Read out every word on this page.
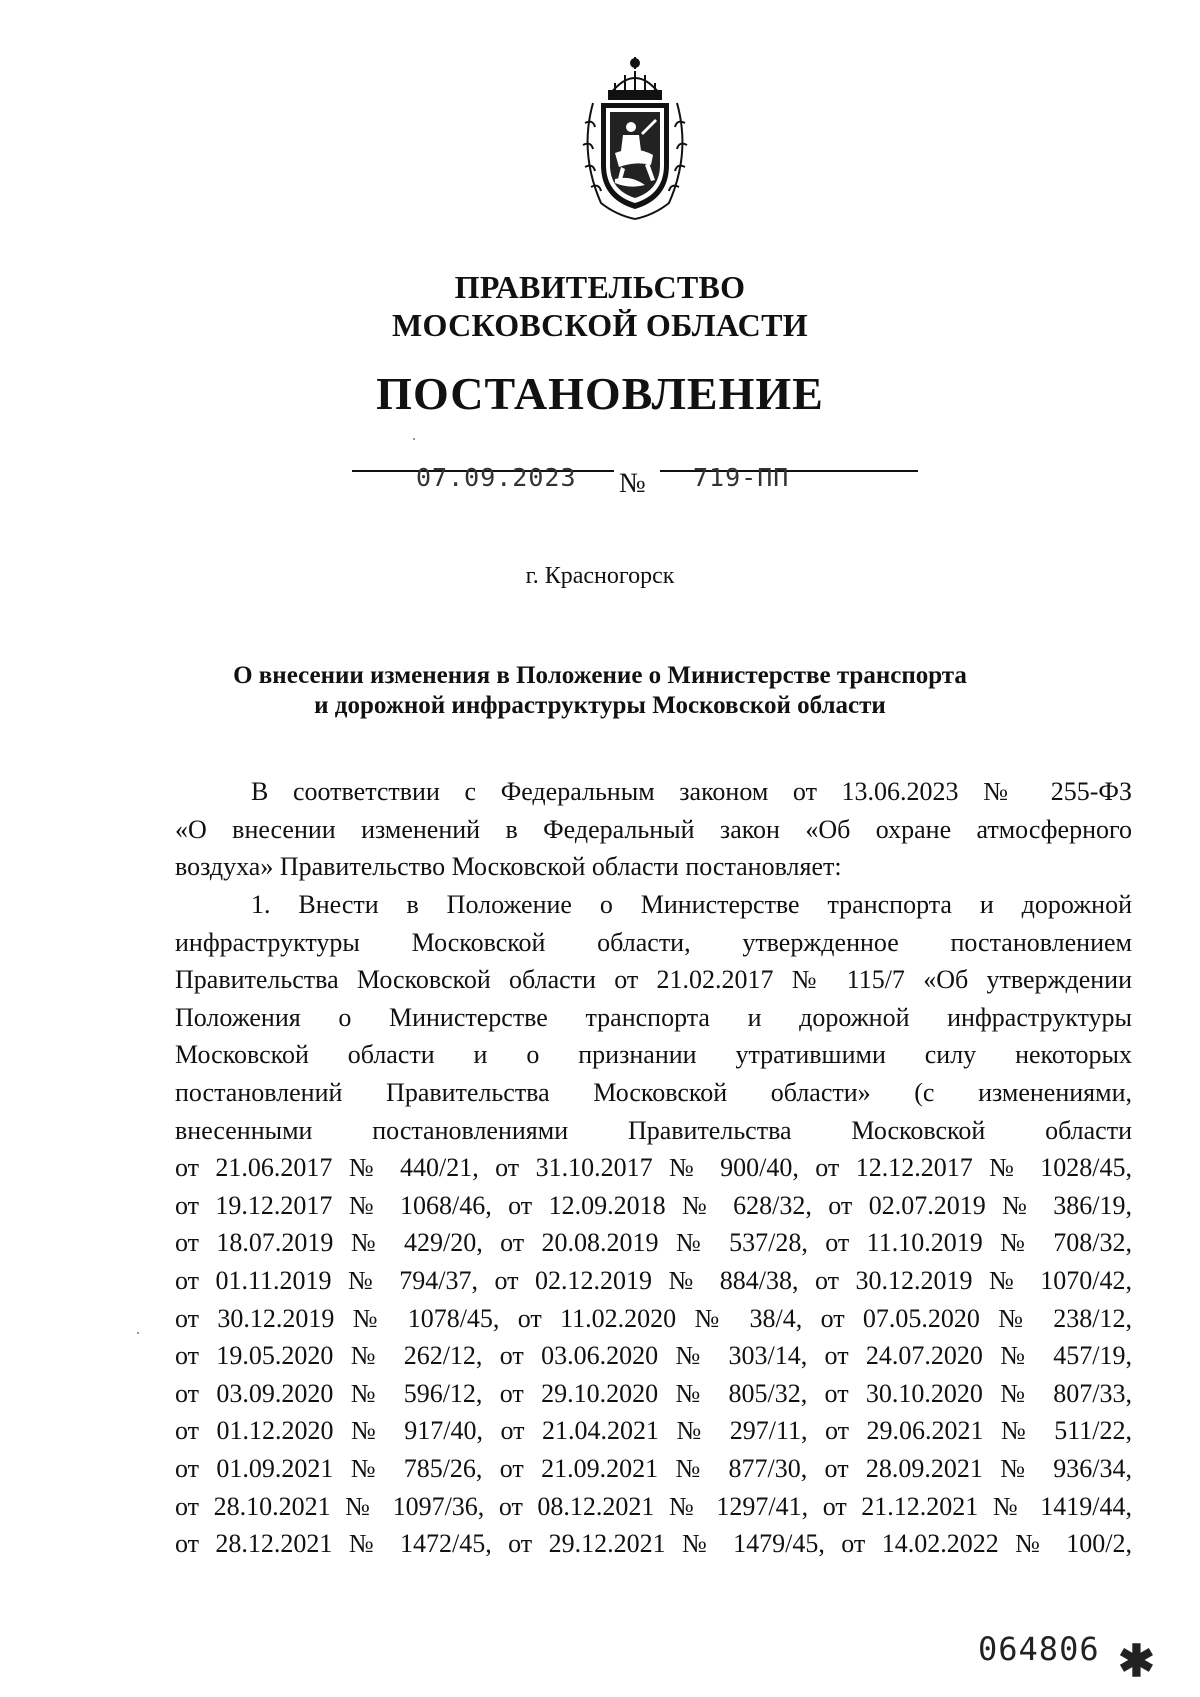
ПРАВИТЕЛЬСТВО
МОСКОВСКОЙ ОБЛАСТИ
ПОСТАНОВЛЕНИЕ
07.09.2023 № 719-ПП
г. Красногорск
О внесении изменения в Положение о Министерстве транспорта
и дорожной инфраструктуры Московской области
В соответствии с Федеральным законом от 13.06.2023 № 255-ФЗ
«О внесении изменений в Федеральный закон «Об охране атмосферного
воздуха» Правительство Московской области постановляет:
1. Внести в Положение о Министерстве транспорта и дорожной
инфраструктуры Московской области, утвержденное постановлением
Правительства Московской области от 21.02.2017 № 115/7 «Об утверждении
Положения о Министерстве транспорта и дорожной инфраструктуры
Московской области и о признании утратившими силу некоторых
постановлений Правительства Московской области» (с изменениями,
внесенными постановлениями Правительства Московской области
от 21.06.2017 № 440/21, от 31.10.2017 № 900/40, от 12.12.2017 № 1028/45,
от 19.12.2017 № 1068/46, от 12.09.2018 № 628/32, от 02.07.2019 № 386/19,
от 18.07.2019 № 429/20, от 20.08.2019 № 537/28, от 11.10.2019 № 708/32,
от 01.11.2019 № 794/37, от 02.12.2019 № 884/38, от 30.12.2019 № 1070/42,
от 30.12.2019 № 1078/45, от 11.02.2020 № 38/4, от 07.05.2020 № 238/12,
от 19.05.2020 № 262/12, от 03.06.2020 № 303/14, от 24.07.2020 № 457/19,
от 03.09.2020 № 596/12, от 29.10.2020 № 805/32, от 30.10.2020 № 807/33,
от 01.12.2020 № 917/40, от 21.04.2021 № 297/11, от 29.06.2021 № 511/22,
от 01.09.2021 № 785/26, от 21.09.2021 № 877/30, от 28.09.2021 № 936/34,
от 28.10.2021 № 1097/36, от 08.12.2021 № 1297/41, от 21.12.2021 № 1419/44,
от 28.12.2021 № 1472/45, от 29.12.2021 № 1479/45, от 14.02.2022 № 100/2,
064806 ✱
